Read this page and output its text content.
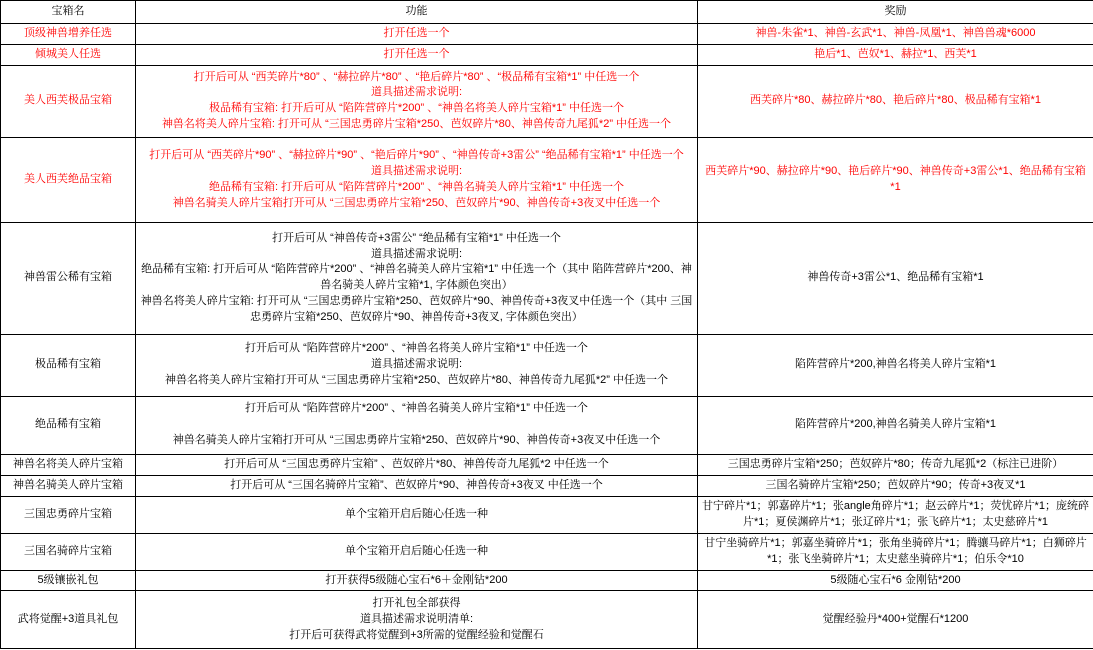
宝箱名	功能	奖励
顶级神兽增养任选	打开任选一个	神兽-朱雀*1、神兽-玄武*1、神兽-凤凰*1、神兽兽魂*6000

倾城美人任选	打开任选一个	艳后*1、芭奴*1、赫拉*1、西芙*1

美人西芙极品宝箱	打开后可从 “西芙碎片*80” 、“赫拉碎片*80” 、“艳后碎片*80” 、“极品稀有宝箱*1” 中任选一个
道具描述需求说明:
极品稀有宝箱: 打开后可从 “陷阵营碎片*200” 、“神兽名将美人碎片宝箱*1” 中任选一个
神兽名将美人碎片宝箱: 打开可从 “三国忠勇碎片宝箱*250、芭奴碎片*80、神兽传奇九尾狐*2” 中任选一个	西芙碎片*80、赫拉碎片*80、艳后碎片*80、极品稀有宝箱*1

美人西芙绝品宝箱	打开后可从 “西芙碎片*90” 、“赫拉碎片*90” 、“艳后碎片*90” 、“神兽传奇+3雷公” “绝品稀有宝箱*1” 中任选一个
道具描述需求说明:
绝品稀有宝箱: 打开后可从 “陷阵营碎片*200” 、“神兽名骑美人碎片宝箱*1” 中任选一个
神兽名骑美人碎片宝箱打开可从 “三国忠勇碎片宝箱*250、芭奴碎片*90、神兽传奇+3夜叉中任选一个	西芙碎片*90、赫拉碎片*90、艳后碎片*90、神兽传奇+3雷公*1、绝品稀有宝箱*1

神兽雷公稀有宝箱	打开后可从 “神兽传奇+3雷公” “绝品稀有宝箱*1” 中任选一个
道具描述需求说明:
绝品稀有宝箱: 打开后可从 “陷阵营碎片*200” 、“神兽名骑美人碎片宝箱*1” 中任选一个（其中 陷阵营碎片*200、神兽名骑美人碎片宝箱*1, 字体颜色突出）
神兽名将美人碎片宝箱: 打开可从 “三国忠勇碎片宝箱*250、芭奴碎片*90、神兽传奇+3夜叉中任选一个（其中 三国忠勇碎片宝箱*250、芭奴碎片*90、神兽传奇+3夜叉, 字体颜色突出）	神兽传奇+3雷公*1、绝品稀有宝箱*1

极品稀有宝箱	打开后可从 “陷阵营碎片*200” 、“神兽名将美人碎片宝箱*1” 中任选一个
道具描述需求说明:
神兽名将美人碎片宝箱打开可从 “三国忠勇碎片宝箱*250、芭奴碎片*80、神兽传奇九尾狐*2” 中任选一个	陷阵营碎片*200,神兽名将美人碎片宝箱*1

绝品稀有宝箱	打开后可从 “陷阵营碎片*200” 、“神兽名骑美人碎片宝箱*1” 中任选一个

神兽名骑美人碎片宝箱打开可从 “三国忠勇碎片宝箱*250、芭奴碎片*90、神兽传奇+3夜叉中任选一个	陷阵营碎片*200,神兽名骑美人碎片宝箱*1

神兽名将美人碎片宝箱	打开后可从 “三国忠勇碎片宝箱” 、芭奴碎片*80、神兽传奇九尾狐*2 中任选一个	三国忠勇碎片宝箱*250；芭奴碎片*80；传奇九尾狐*2（标注已进阶）

神兽名骑美人碎片宝箱	打开后可从 “三国名骑碎片宝箱”、芭奴碎片*90、神兽传奇+3夜叉 中任选一个	三国名骑碎片宝箱*250；芭奴碎片*90；传奇+3夜叉*1

三国忠勇碎片宝箱	单个宝箱开启后随心任选一种	甘宁碎片*1；郭嘉碎片*1；张angle角碎片*1；赵云碎片*1；荧忧碎片*1；庞统碎片*1；夏侯渊碎片*1；张辽碎片*1；张飞碎片*1；太史慈碎片*1

三国名骑碎片宝箱	单个宝箱开启后随心任选一种	甘宁坐骑碎片*1；郭嘉坐骑碎片*1；张角坐骑碎片*1；腾骧马碎片*1；白狮碎片*1；张飞坐骑碎片*1；太史慈坐骑碎片*1；伯乐令*10

5级镶嵌礼包	打开获得5级随心宝石*6＋金刚钻*200	5级随心宝石*6 金刚钻*200

武将觉醒+3道具礼包	打开礼包全部获得
道具描述需求说明清单:
打开后可获得武将觉醒到+3所需的觉醒经验和觉醒石	觉醒经验丹*400+觉醒石*1200
